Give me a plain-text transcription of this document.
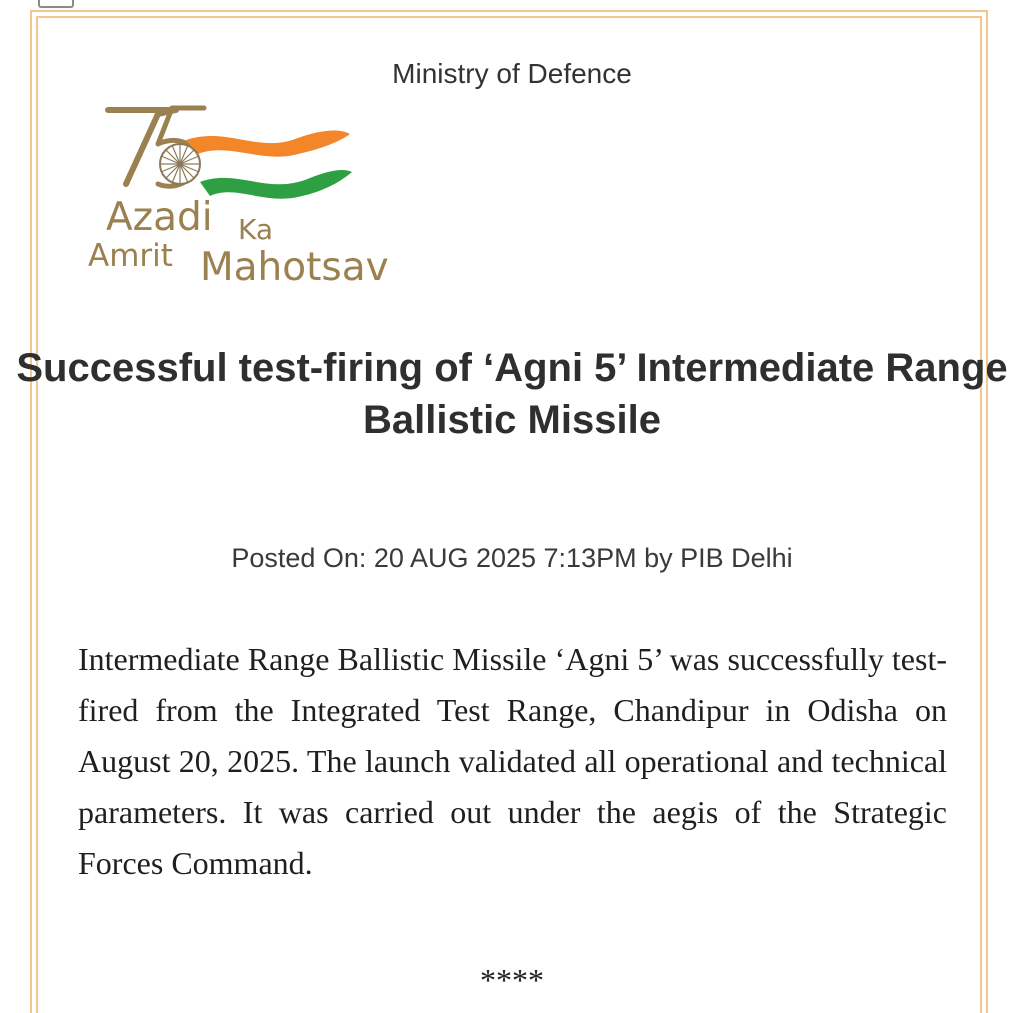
Ministry of Defence
Azadi Ka
Amrit Mahotsav
Successful test-firing of ‘Agni 5’ Intermediate Range Ballistic Missile
Posted On: 20 AUG 2025 7:13PM by PIB Delhi
Intermediate Range Ballistic Missile ‘Agni 5’ was successfully test-fired from the Integrated Test Range, Chandipur in Odisha on August 20, 2025. The launch validated all operational and technical parameters. It was carried out under the aegis of the Strategic Forces Command.
****
